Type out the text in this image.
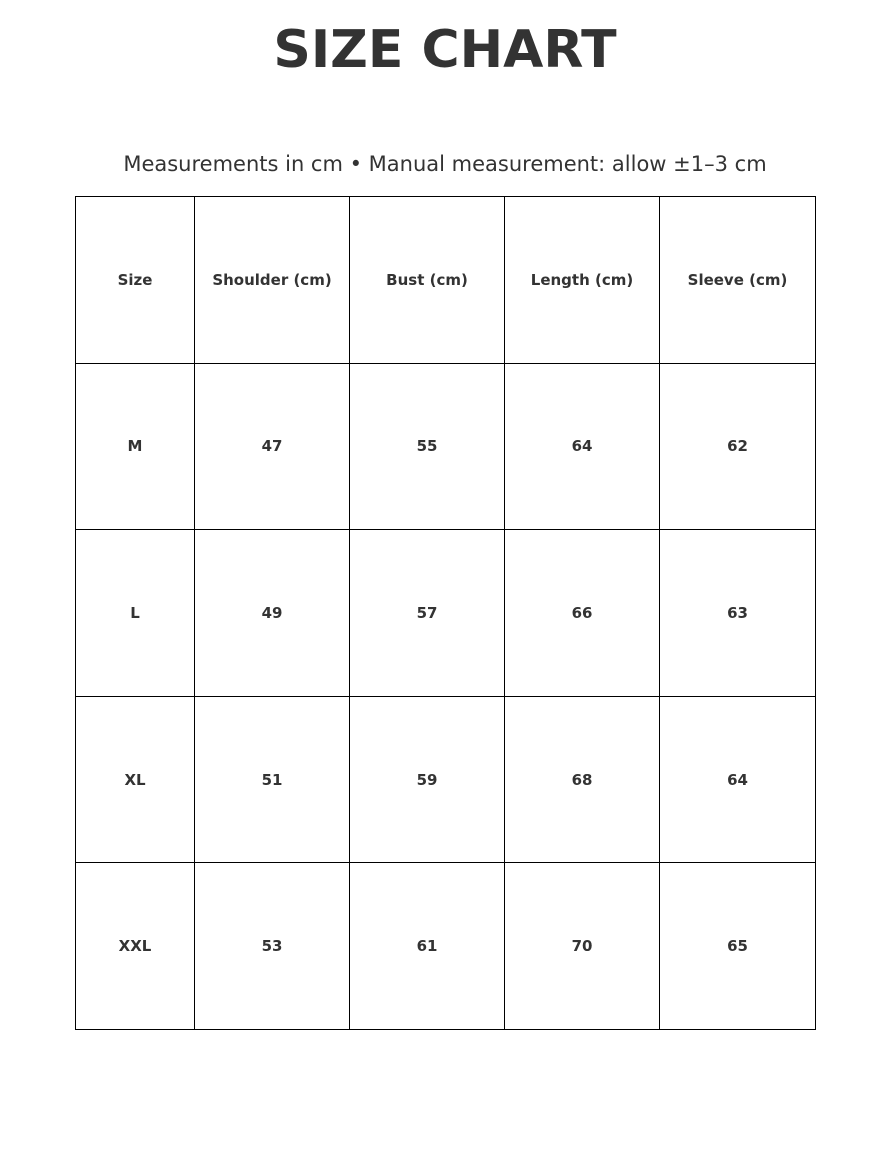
SIZE CHART

Measurements in cm • Manual measurement: allow ±1–3 cm

Size	Shoulder (cm)	Bust (cm)	Length (cm)	Sleeve (cm)
M	47	55	64	62
L	49	57	66	63
XL	51	59	68	64
XXL	53	61	70	65
